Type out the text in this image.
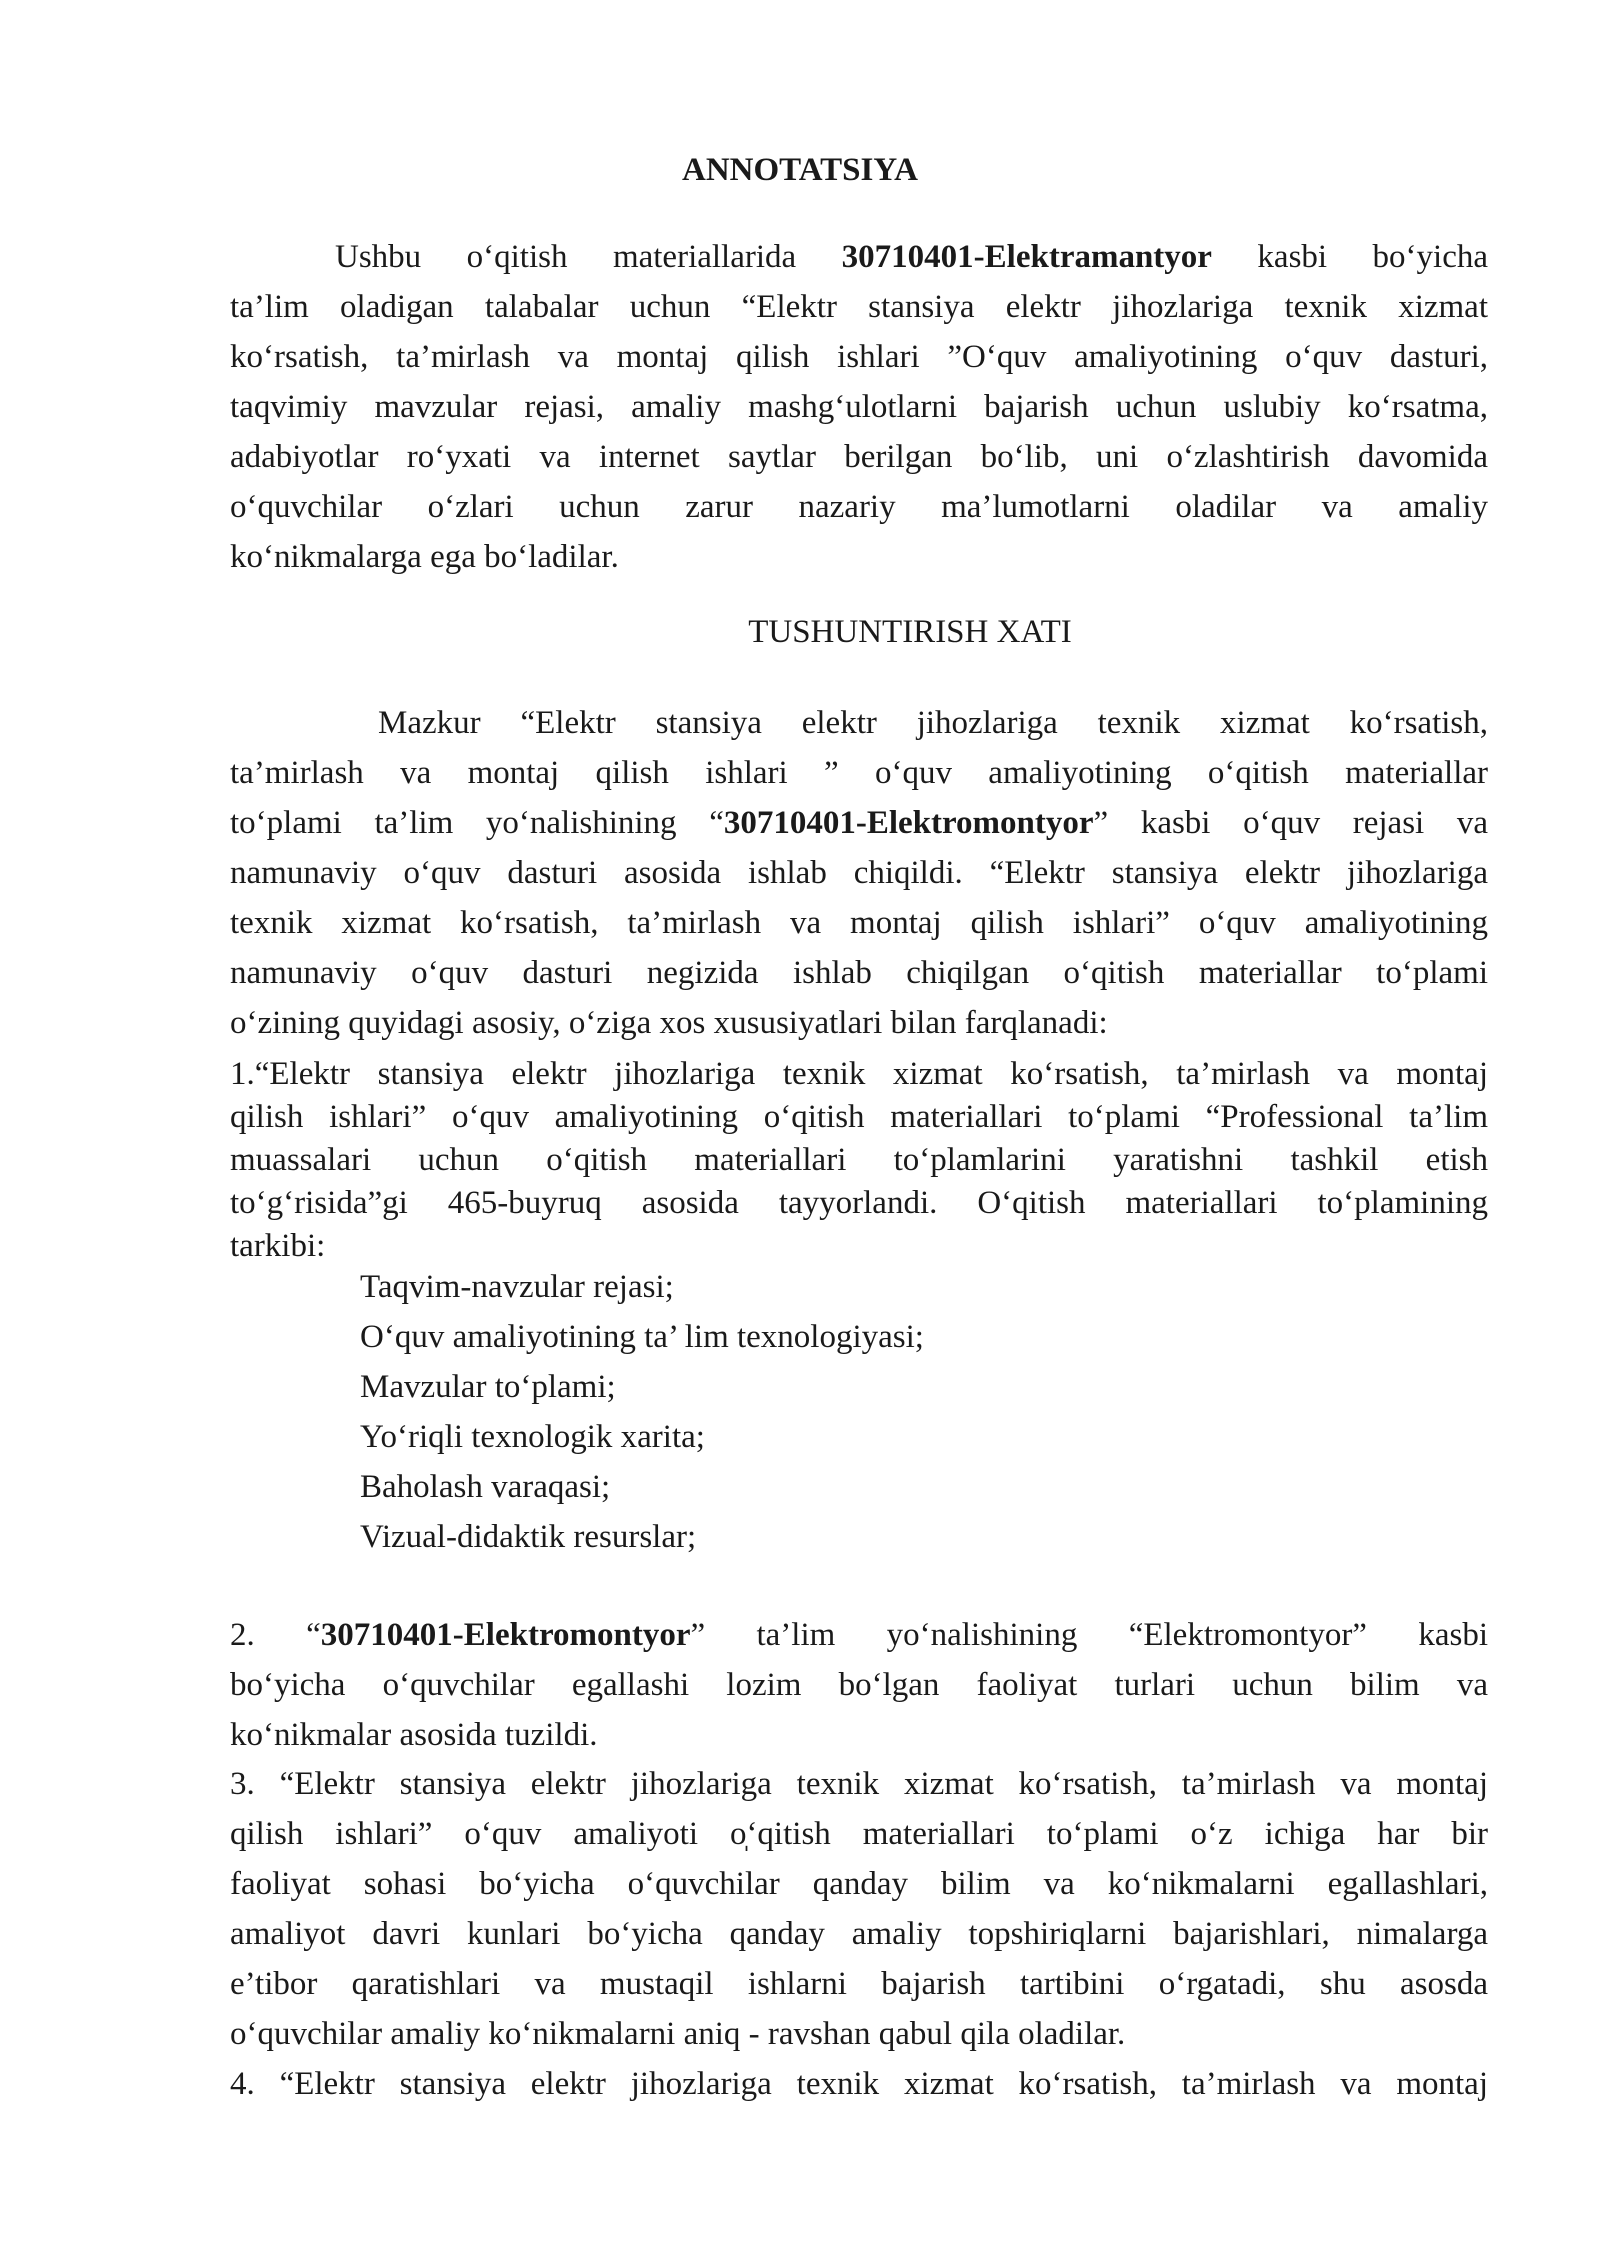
ANNOTATSIYA
Ushbu o‘qitish materiallarida 30710401-Elektramantyor kasbi bo‘yicha
ta’lim oladigan talabalar uchun “Elektr stansiya elektr jihozlariga texnik xizmat
ko‘rsatish, ta’mirlash va montaj qilish ishlari ”O‘quv amaliyotining o‘quv dasturi,
taqvimiy mavzular rejasi, amaliy mashg‘ulotlarni bajarish uchun uslubiy ko‘rsatma,
adabiyotlar ro‘yxati va internet saytlar berilgan bo‘lib, uni o‘zlashtirish davomida
o‘quvchilar o‘zlari uchun zarur nazariy ma’lumotlarni oladilar va amaliy
ko‘nikmalarga ega bo‘ladilar.
TUSHUNTIRISH XATI
Mazkur “Elektr stansiya elektr jihozlariga texnik xizmat ko‘rsatish,
ta’mirlash va montaj qilish ishlari ” o‘quv amaliyotining o‘qitish materiallar
to‘plami ta’lim yo‘nalishining “30710401-Elektromontyor” kasbi o‘quv rejasi va
namunaviy o‘quv dasturi asosida ishlab chiqildi. “Elektr stansiya elektr jihozlariga
texnik xizmat ko‘rsatish, ta’mirlash va montaj qilish ishlari” o‘quv amaliyotining
namunaviy o‘quv dasturi negizida ishlab chiqilgan o‘qitish materiallar to‘plami
o‘zining quyidagi asosiy, o‘ziga xos xususiyatlari bilan farqlanadi:
1.“Elektr stansiya elektr jihozlariga texnik xizmat ko‘rsatish, ta’mirlash va montaj
qilish ishlari” o‘quv amaliyotining o‘qitish materiallari to‘plami “Professional ta’lim
muassalari uchun o‘qitish materiallari to‘plamlarini yaratishni tashkil etish
to‘g‘risida”gi 465-buyruq asosida tayyorlandi. O‘qitish materiallari to‘plamining
tarkibi:
Taqvim-navzular rejasi;
O‘quv amaliyotining ta’ lim texnologiyasi;
Mavzular to‘plami;
Yo‘riqli texnologik xarita;
Baholash varaqasi;
Vizual-didaktik resurslar;
2. “30710401-Elektromontyor” ta’lim yo‘nalishining “Elektromontyor” kasbi
bo‘yicha o‘quvchilar egallashi lozim bo‘lgan faoliyat turlari uchun bilim va
ko‘nikmalar asosida tuzildi.
3. “Elektr stansiya elektr jihozlariga texnik xizmat ko‘rsatish, ta’mirlash va montaj
qilish ishlari” o‘quv amaliyoti o̩‘qitish materiallari to‘plami o‘z ichiga har bir
faoliyat sohasi bo‘yicha o‘quvchilar qanday bilim va ko‘nikmalarni egallashlari,
amaliyot davri kunlari bo‘yicha qanday amaliy topshiriqlarni bajarishlari, nimalarga
e’tibor qaratishlari va mustaqil ishlarni bajarish tartibini o‘rgatadi, shu asosda
o‘quvchilar amaliy ko‘nikmalarni aniq - ravshan qabul qila oladilar.
4. “Elektr stansiya elektr jihozlariga texnik xizmat ko‘rsatish, ta’mirlash va montaj
